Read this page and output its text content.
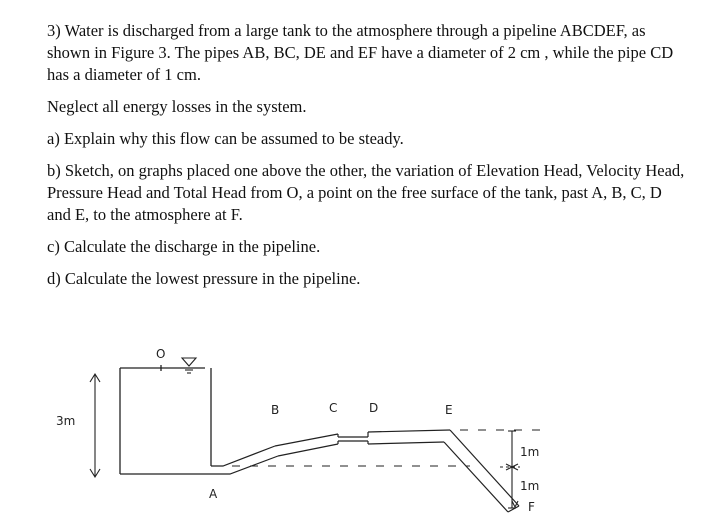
3) Water is discharged from a large tank to the atmosphere through a pipeline ABCDEF, as shown in Figure 3. The pipes AB, BC, DE and EF have a diameter of 2 cm , while the pipe CD has a diameter of 1 cm.

Neglect all energy losses in the system.

a) Explain why this flow can be assumed to be steady.

b) Sketch, on graphs placed one above the other, the variation of Elevation Head, Velocity Head, Pressure Head and Total Head from O, a point on the free surface of the tank, past A, B, C, D and E, to the atmosphere at F.

c) Calculate the discharge in the pipeline.

d) Calculate the lowest pressure in the pipeline.

O
A
B	C	D	E
F
3m
1m
1m
